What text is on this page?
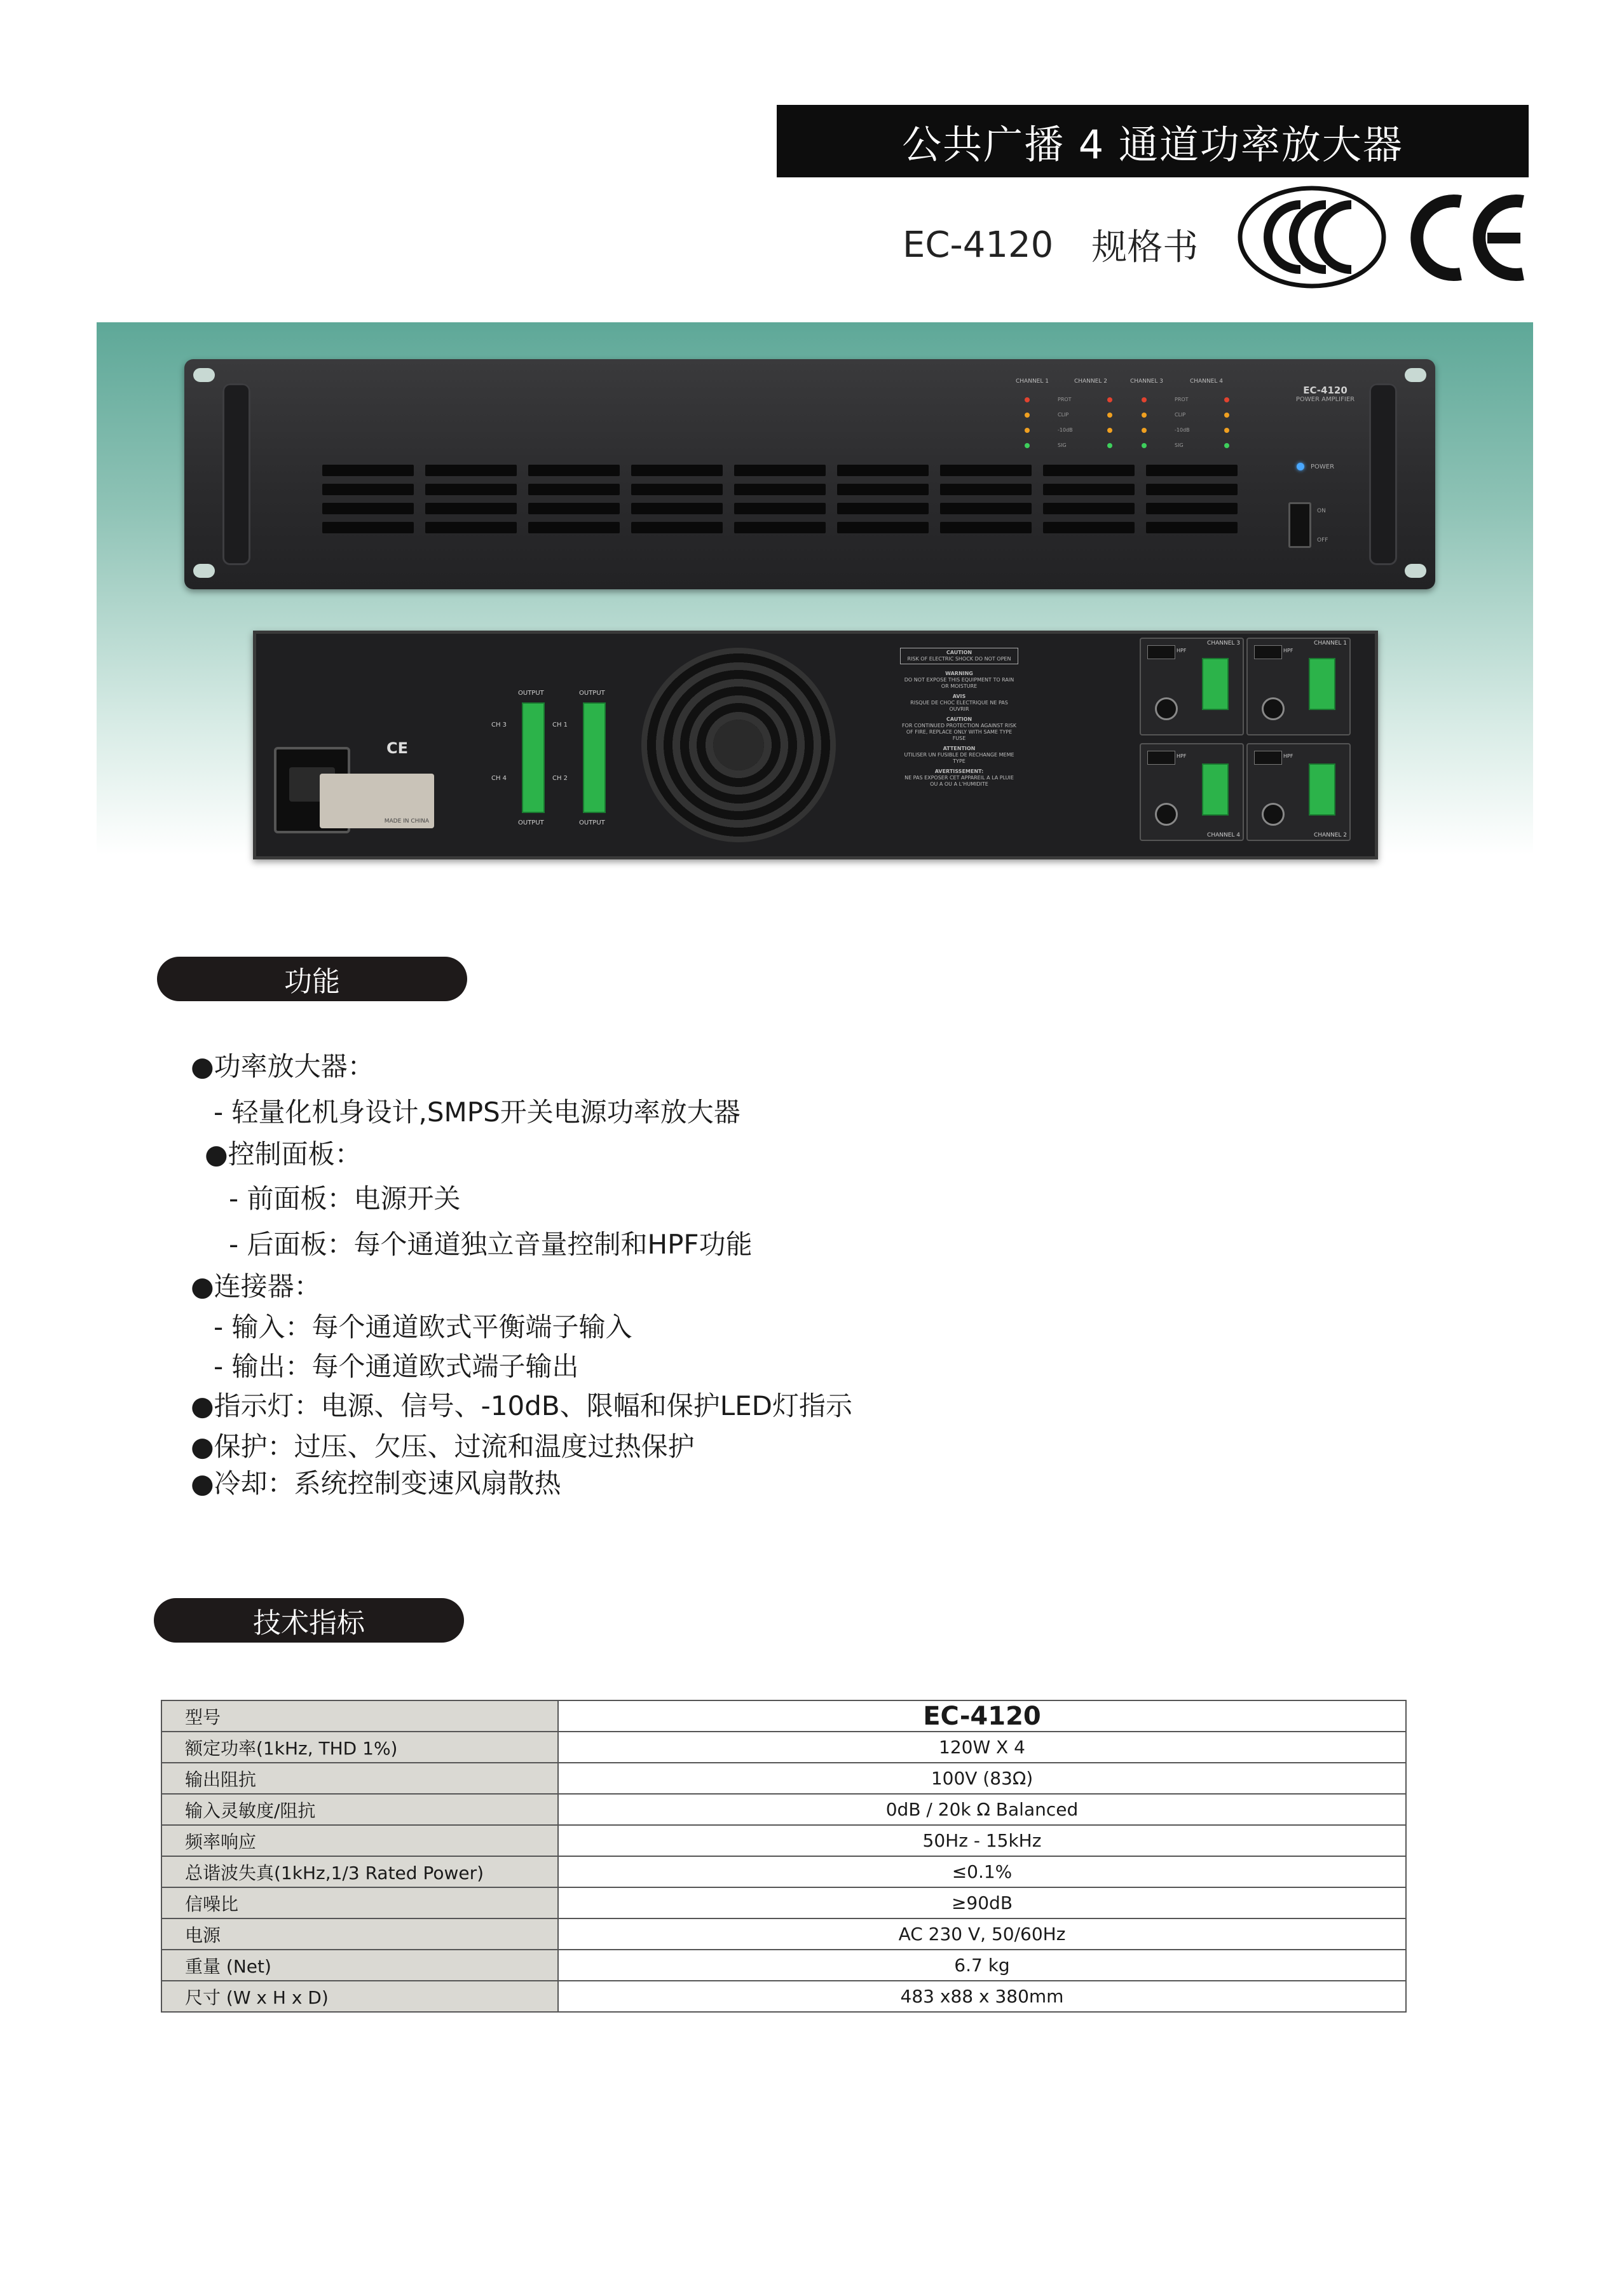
公共广播 4 通道功率放大器
EC-4120 规格书
CHANNEL 1	CHANNEL 2	CHANNEL 3	CHANNEL 4
PROT	PROT
CLIP	CLIP
-10dB	-10dB
SIG	SIG
EC-4120
POWER AMPLIFIER
POWER
ON
OFF
CE
MADE IN CHINA
OUTPUT	OUTPUT
OUTPUT	OUTPUT
CH 3	CH 1
CH 4	CH 2
CAUTION
RISK OF ELECTRIC SHOCK DO NOT OPEN
WARNING
DO NOT EXPOSE THIS EQUIPMENT TO RAIN OR MOISTURE
AVIS
RISQUE DE CHOC ELECTRIQUE NE PAS OUVRIR
CAUTION
FOR CONTINUED PROTECTION AGAINST RISK OF FIRE, REPLACE ONLY WITH SAME TYPE FUSE
ATTENTION
UTILISER UN FUSIBLE DE RECHANGE MEME TYPE
AVERTISSEMENT:
NE PAS EXPOSER CET APPAREIL A LA PLUIE OU A OU A L'HUMIDITE
CHANNEL 3
HPF
CHANNEL 1
HPF
CHANNEL 4
HPF
CHANNEL 2
HPF
功能
●功率放大器：
- 轻量化机身设计,SMPS开关电源功率放大器
●控制面板：
- 前面板：电源开关
- 后面板：每个通道独立音量控制和HPF功能
●连接器：
- 输入：每个通道欧式平衡端子输入
- 输出：每个通道欧式端子输出
●指示灯：电源、信号、-10dB、限幅和保护LED灯指示
●保护：过压、欠压、过流和温度过热保护
●冷却：系统控制变速风扇散热
技术指标
型号	EC-4120
额定功率(1kHz, THD 1%)	120W X 4
输出阻抗	100V (83Ω)
输入灵敏度/阻抗	0dB / 20k Ω Balanced
频率响应	50Hz - 15kHz
总谐波失真(1kHz,1/3 Rated Power)	≤0.1%
信噪比	≥90dB
电源	AC 230 V, 50/60Hz
重量 (Net)	6.7 kg
尺寸 (W x H x D)	483 x88 x 380mm
